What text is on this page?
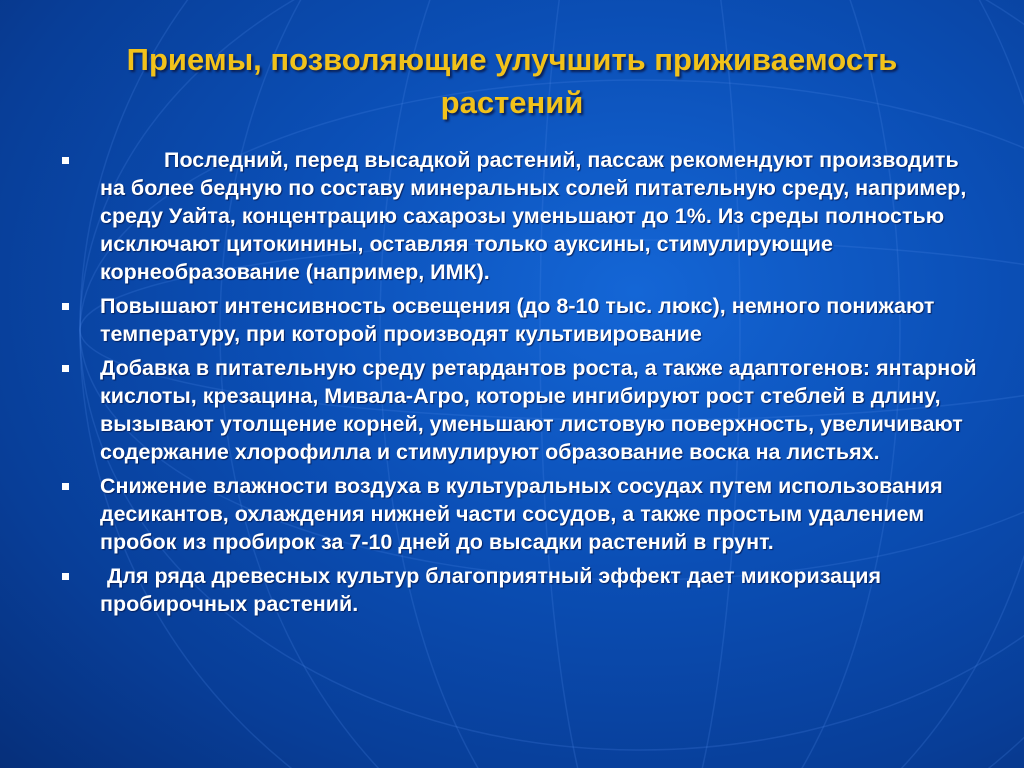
Приемы, позволяющие улучшить приживаемость растений
Последний, перед высадкой растений, пассаж рекомендуют производить на более бедную по составу минеральных солей питательную среду, например, среду Уайта, концентрацию сахарозы уменьшают до 1%. Из среды полностью исключают цитокинины, оставляя только ауксины, стимулирующие корнеобразование (например, ИМК).
Повышают интенсивность освещения (до 8-10 тыс. люкс), немного понижают температуру, при которой производят культивирование
Добавка в питательную среду ретардантов роста, а также адаптогенов: янтарной кислоты, крезацина, Мивала-Агро, которые ингибируют рост стеблей в длину, вызывают утолщение корней, уменьшают листовую поверхность, увеличивают содержание хлорофилла и стимулируют образование воска на листьях.
Снижение влажности воздуха в культуральных сосудах путем использования десикантов, охлаждения нижней части сосудов, а также простым удалением пробок из пробирок за 7-10 дней до высадки растений в грунт.
Для ряда древесных культур благоприятный эффект дает микоризация пробирочных растений.
